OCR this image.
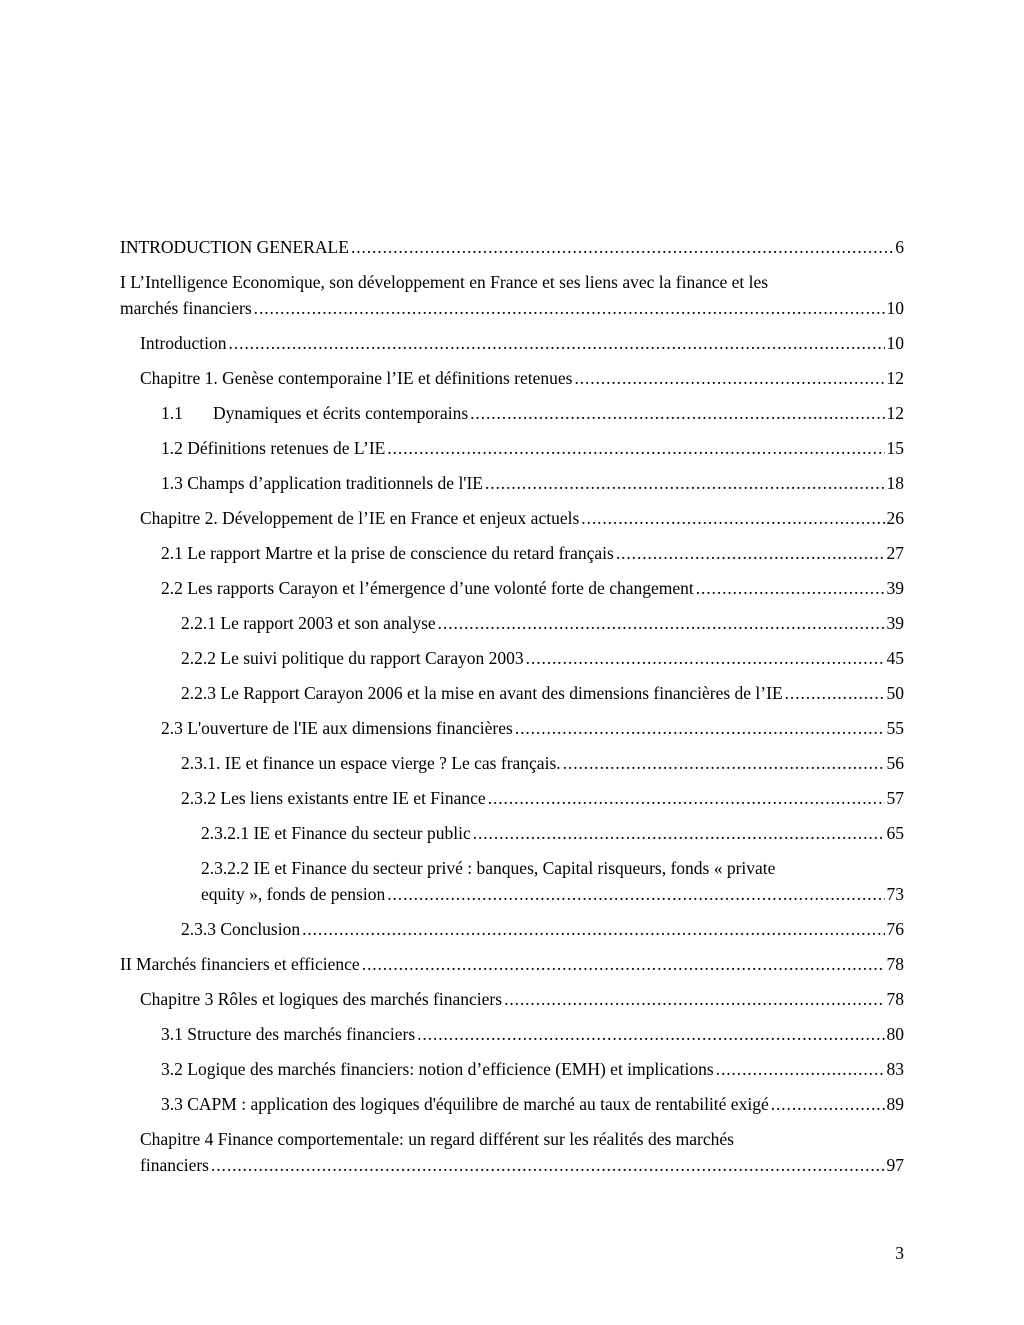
INTRODUCTION GENERALE .....	6
I L’Intelligence Economique, son développement en France et ses liens avec la finance et les
marchés financiers .....	10
Introduction .....	10
Chapitre 1. Genèse contemporaine l’IE et définitions retenues .....	12
1.1 Dynamiques et écrits contemporains .....	12
1.2 Définitions retenues de L’IE .....	15
1.3 Champs d’application traditionnels de l'IE .....	18
Chapitre 2. Développement de l’IE en France et enjeux actuels .....	26
2.1 Le rapport Martre et la prise de conscience du retard français .....	27
2.2 Les rapports Carayon et l’émergence d’une volonté forte de changement .....	39
2.2.1 Le rapport 2003 et son analyse .....	39
2.2.2 Le suivi politique du rapport Carayon 2003 .....	45
2.2.3 Le Rapport Carayon 2006 et la mise en avant des dimensions financières de l’IE .....	50
2.3 L'ouverture de l'IE aux dimensions financières .....	55
2.3.1. IE et finance un espace vierge ? Le cas français. .....	56
2.3.2 Les liens existants entre IE et Finance .....	57
2.3.2.1 IE et Finance du secteur public .....	65
2.3.2.2 IE et Finance du secteur privé : banques, Capital risqueurs, fonds « private
equity », fonds de pension .....	73
2.3.3 Conclusion .....	76
II Marchés financiers et efficience .....	78
Chapitre 3 Rôles et logiques des marchés financiers .....	78
3.1 Structure des marchés financiers .....	80
3.2 Logique des marchés financiers: notion d’efficience (EMH) et implications .....	83
3.3 CAPM : application des logiques d'équilibre de marché au taux de rentabilité exigé .....	89
Chapitre 4 Finance comportementale: un regard différent sur les réalités des marchés
financiers .....	97
3
